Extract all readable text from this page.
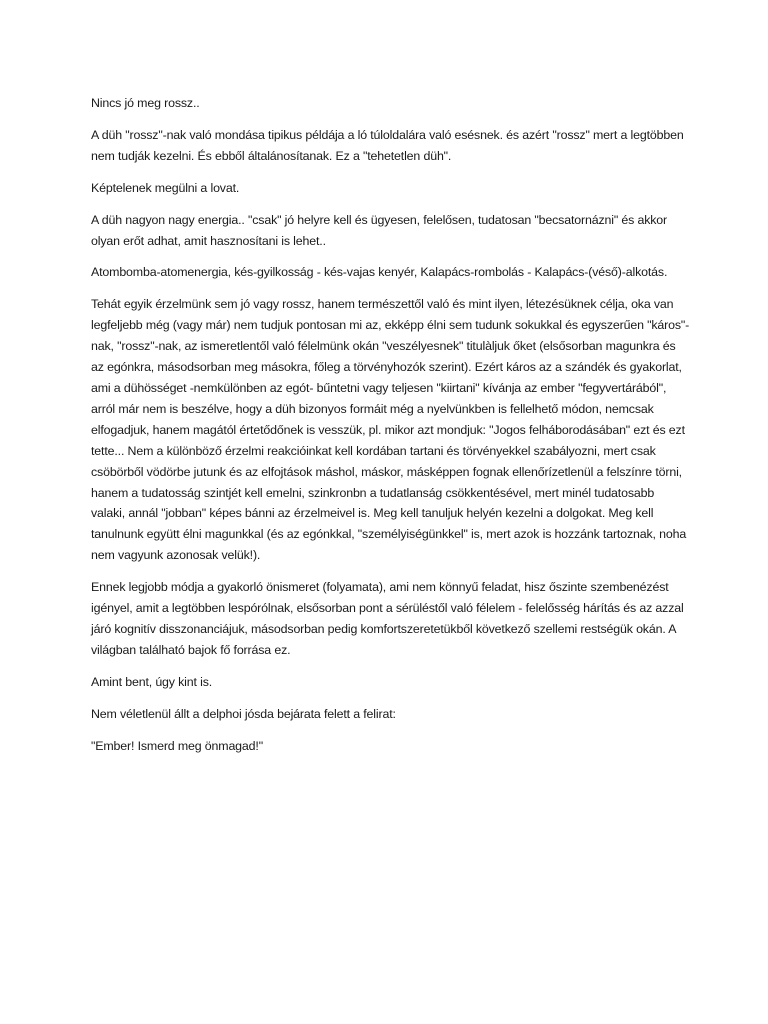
Nincs jó meg rossz..

A düh "rossz"-nak való mondása tipikus példája a ló túloldalára való esésnek. és azért "rossz" mert a legtöbben nem tudják kezelni. És ebből általánosítanak. Ez a "tehetetlen düh".

Képtelenek megülni a lovat.

A düh nagyon nagy energia.. "csak" jó helyre kell és ügyesen, felelősen, tudatosan "becsatornázni" és akkor olyan erőt adhat, amit hasznosítani is lehet..

Atombomba-atomenergia, kés-gyilkosság - kés-vajas kenyér, Kalapács-rombolás - Kalapács-(véső)-alkotás.

Tehát egyik érzelmünk sem jó vagy rossz, hanem természettől való és mint ilyen, létezésüknek célja, oka van legfeljebb még (vagy már) nem tudjuk pontosan mi az, ekképp élni sem tudunk sokukkal és egyszerűen "káros"-nak, "rossz"-nak, az ismeretlentől való félelmünk okán "veszélyesnek" titulàljuk őket (elsősorban magunkra és az egónkra, másodsorban meg másokra, főleg a törvényhozók szerint). Ezért káros az a szándék és gyakorlat, ami a dühösséget -nemkülönben az egót- bűntetni vagy teljesen "kiirtani" kívánja az ember "fegyvertárából", arról már nem is beszélve, hogy a düh bizonyos formáit még a nyelvünkben is fellelhető módon, nemcsak elfogadjuk, hanem magától értetődőnek is vesszük, pl. mikor azt mondjuk: "Jogos felháborodásában" ezt és ezt tette... Nem a különböző érzelmi reakcióinkat kell kordában tartani és törvényekkel szabályozni, mert csak csöbörből vödörbe jutunk és az elfojtások máshol, máskor, másképpen fognak ellenőrízetlenül a felszínre törni, hanem a tudatosság szintjét kell emelni, szinkronbn a tudatlanság csökkentésével, mert minél tudatosabb valaki, annál "jobban" képes bánni az érzelmeivel is. Meg kell tanuljuk helyén kezelni a dolgokat. Meg kell tanulnunk együtt élni magunkkal (és az egónkkal, "személyiségünkkel" is, mert azok is hozzánk tartoznak, noha nem vagyunk azonosak velük!).

Ennek legjobb módja a gyakorló önismeret (folyamata), ami nem könnyű feladat, hisz őszinte szembenézést igényel, amit a legtöbben lespórólnak, elsősorban pont a sérüléstől való félelem - felelősség hárítás és az azzal járó kognitív disszonanciájuk, másodsorban pedig komfortszeretetükből következő szellemi restségük okán. A világban található bajok fő forrása ez.

Amint bent, úgy kint is.

Nem véletlenül állt a delphoi jósda bejárata felett a felirat:

"Ember! Ismerd meg önmagad!"
